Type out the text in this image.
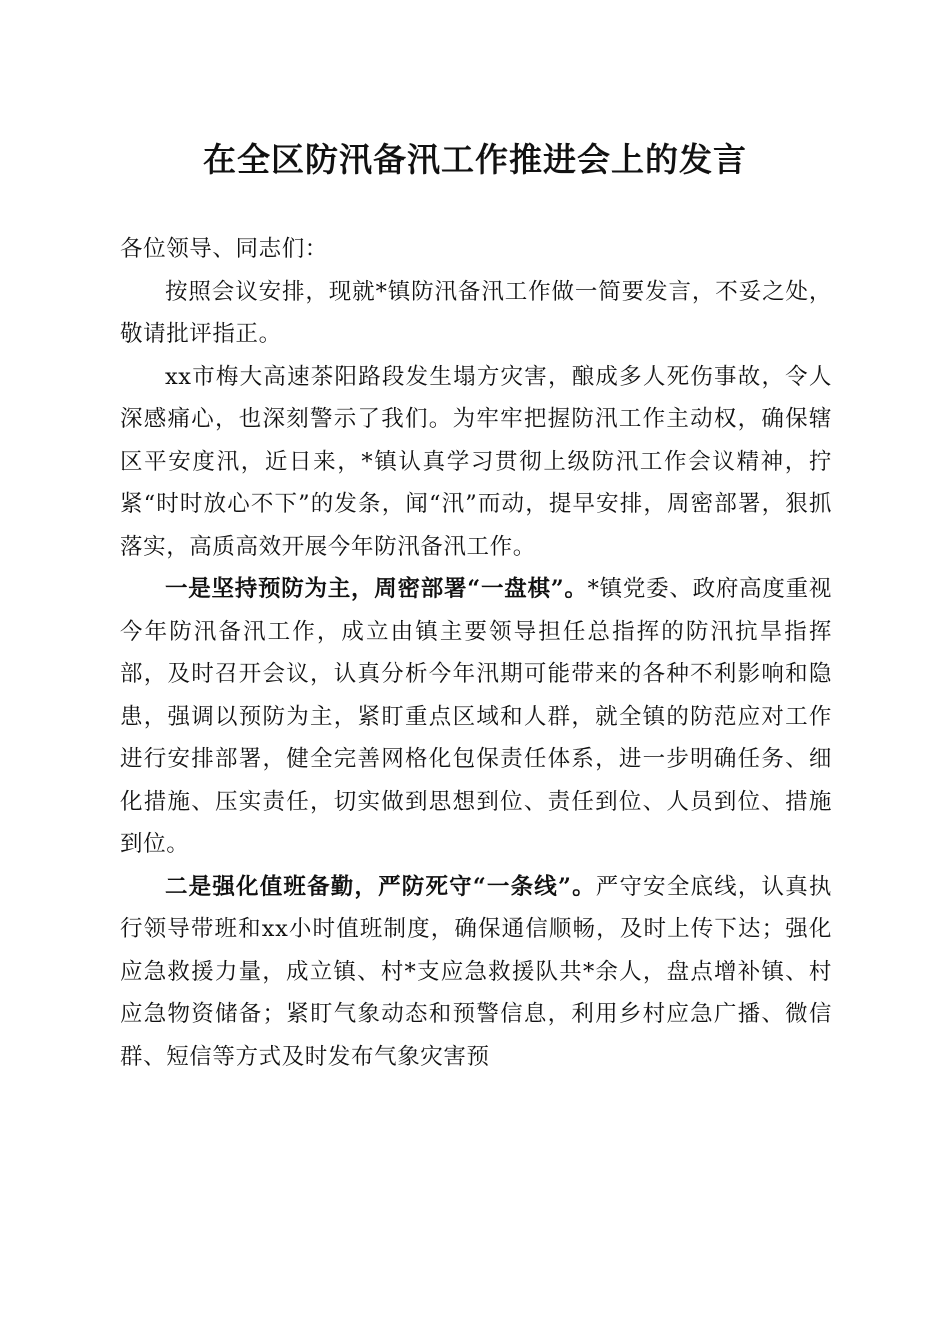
在全区防汛备汛工作推进会上的发言

各位领导、同志们：

按照会议安排，现就*镇防汛备汛工作做一简要发言，不妥之处，敬请批评指正。

xx市梅大高速茶阳路段发生塌方灾害，酿成多人死伤事故，令人深感痛心，也深刻警示了我们。为牢牢把握防汛工作主动权，确保辖区平安度汛，近日来，*镇认真学习贯彻上级防汛工作会议精神，拧紧“时时放心不下”的发条，闻“汛”而动，提早安排，周密部署，狠抓落实，高质高效开展今年防汛备汛工作。

一是坚持预防为主，周密部署“一盘棋”。*镇党委、政府高度重视今年防汛备汛工作，成立由镇主要领导担任总指挥的防汛抗旱指挥部，及时召开会议，认真分析今年汛期可能带来的各种不利影响和隐患，强调以预防为主，紧盯重点区域和人群，就全镇的防范应对工作进行安排部署，健全完善网格化包保责任体系，进一步明确任务、细化措施、压实责任，切实做到思想到位、责任到位、人员到位、措施到位。

二是强化值班备勤，严防死守“一条线”。严守安全底线，认真执行领导带班和xx小时值班制度，确保通信顺畅，及时上传下达；强化应急救援力量，成立镇、村*支应急救援队共*余人，盘点增补镇、村应急物资储备；紧盯气象动态和预警信息，利用乡村应急广播、微信群、短信等方式及时发布气象灾害预
